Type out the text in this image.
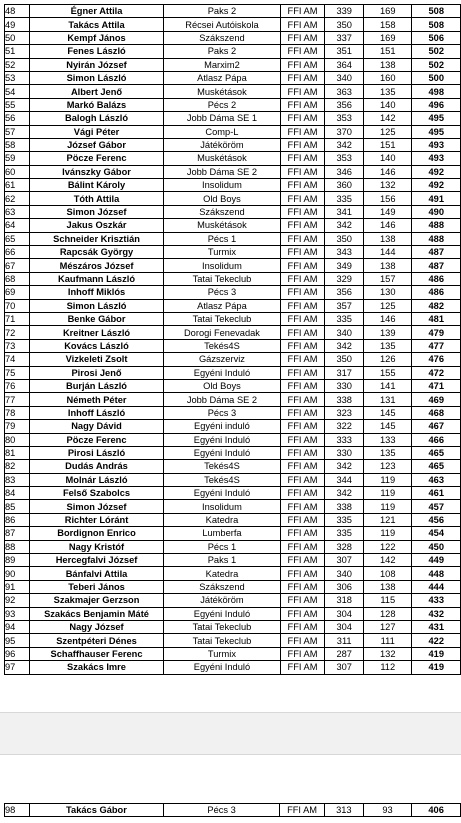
48	Égner Attila	Paks 2	FFI AM	339	169	508
49	Takács Attila	Récsei Autóiskola	FFI AM	350	158	508
50	Kempf János	Szákszend	FFI AM	337	169	506
51	Fenes László	Paks 2	FFI AM	351	151	502
52	Nyirán József	Marxim2	FFI AM	364	138	502
53	Simon László	Atlasz Pápa	FFI AM	340	160	500
54	Albert Jenő	Muskétások	FFI AM	363	135	498
55	Markó Balázs	Pécs 2	FFI AM	356	140	496
56	Balogh László	Jobb Dáma SE 1	FFI AM	353	142	495
57	Vági Péter	Comp-L	FFI AM	370	125	495
58	József Gábor	Játéköröm	FFI AM	342	151	493
59	Pöcze Ferenc	Muskétások	FFI AM	353	140	493
60	Ivánszky Gábor	Jobb Dáma SE 2	FFI AM	346	146	492
61	Bálint Károly	Insolidum	FFI AM	360	132	492
62	Tóth Attila	Old Boys	FFI AM	335	156	491
63	Simon József	Szákszend	FFI AM	341	149	490
64	Jakus Oszkár	Muskétások	FFI AM	342	146	488
65	Schneider Krisztián	Pécs 1	FFI AM	350	138	488
66	Rapcsák György	Turmix	FFI AM	343	144	487
67	Mészáros József	Insolidum	FFI AM	349	138	487
68	Kaufmann László	Tatai Tekeclub	FFI AM	329	157	486
69	Inhoff Miklós	Pécs 3	FFI AM	356	130	486
70	Simon László	Atlasz Pápa	FFI AM	357	125	482
71	Benke Gábor	Tatai Tekeclub	FFI AM	335	146	481
72	Kreitner László	Dorogi Fenevadak	FFI AM	340	139	479
73	Kovács László	Tekés4S	FFI AM	342	135	477
74	Vizkeleti Zsolt	Gázszerviz	FFI AM	350	126	476
75	Pirosi Jenő	Egyéni Induló	FFI AM	317	155	472
76	Burján László	Old Boys	FFI AM	330	141	471
77	Németh Péter	Jobb Dáma SE 2	FFI AM	338	131	469
78	Inhoff László	Pécs 3	FFI AM	323	145	468
79	Nagy Dávid	Egyéni induló	FFI AM	322	145	467
80	Pöcze Ferenc	Egyéni Induló	FFI AM	333	133	466
81	Pirosi László	Egyéni Induló	FFI AM	330	135	465
82	Dudás András	Tekés4S	FFI AM	342	123	465
83	Molnár László	Tekés4S	FFI AM	344	119	463
84	Felső Szabolcs	Egyéni Induló	FFI AM	342	119	461
85	Simon József	Insolidum	FFI AM	338	119	457
86	Richter Lóránt	Katedra	FFI AM	335	121	456
87	Bordignon Enrico	Lumberfa	FFI AM	335	119	454
88	Nagy Kristóf	Pécs 1	FFI AM	328	122	450
89	Hercegfalvi József	Paks 1	FFI AM	307	142	449
90	Bánfalvi Attila	Katedra	FFI AM	340	108	448
91	Teberi János	Szákszend	FFI AM	306	138	444
92	Szakmajer Gerzson	Játéköröm	FFI AM	318	115	433
93	Szakács Benjamin Máté	Egyéni Induló	FFI AM	304	128	432
94	Nagy József	Tatai Tekeclub	FFI AM	304	127	431
95	Szentpéteri Dénes	Tatai Tekeclub	FFI AM	311	111	422
96	Schaffhauser Ferenc	Turmix	FFI AM	287	132	419
97	Szakács Imre	Egyéni Induló	FFI AM	307	112	419
98	Takács Gábor	Pécs 3	FFI AM	313	93	406
